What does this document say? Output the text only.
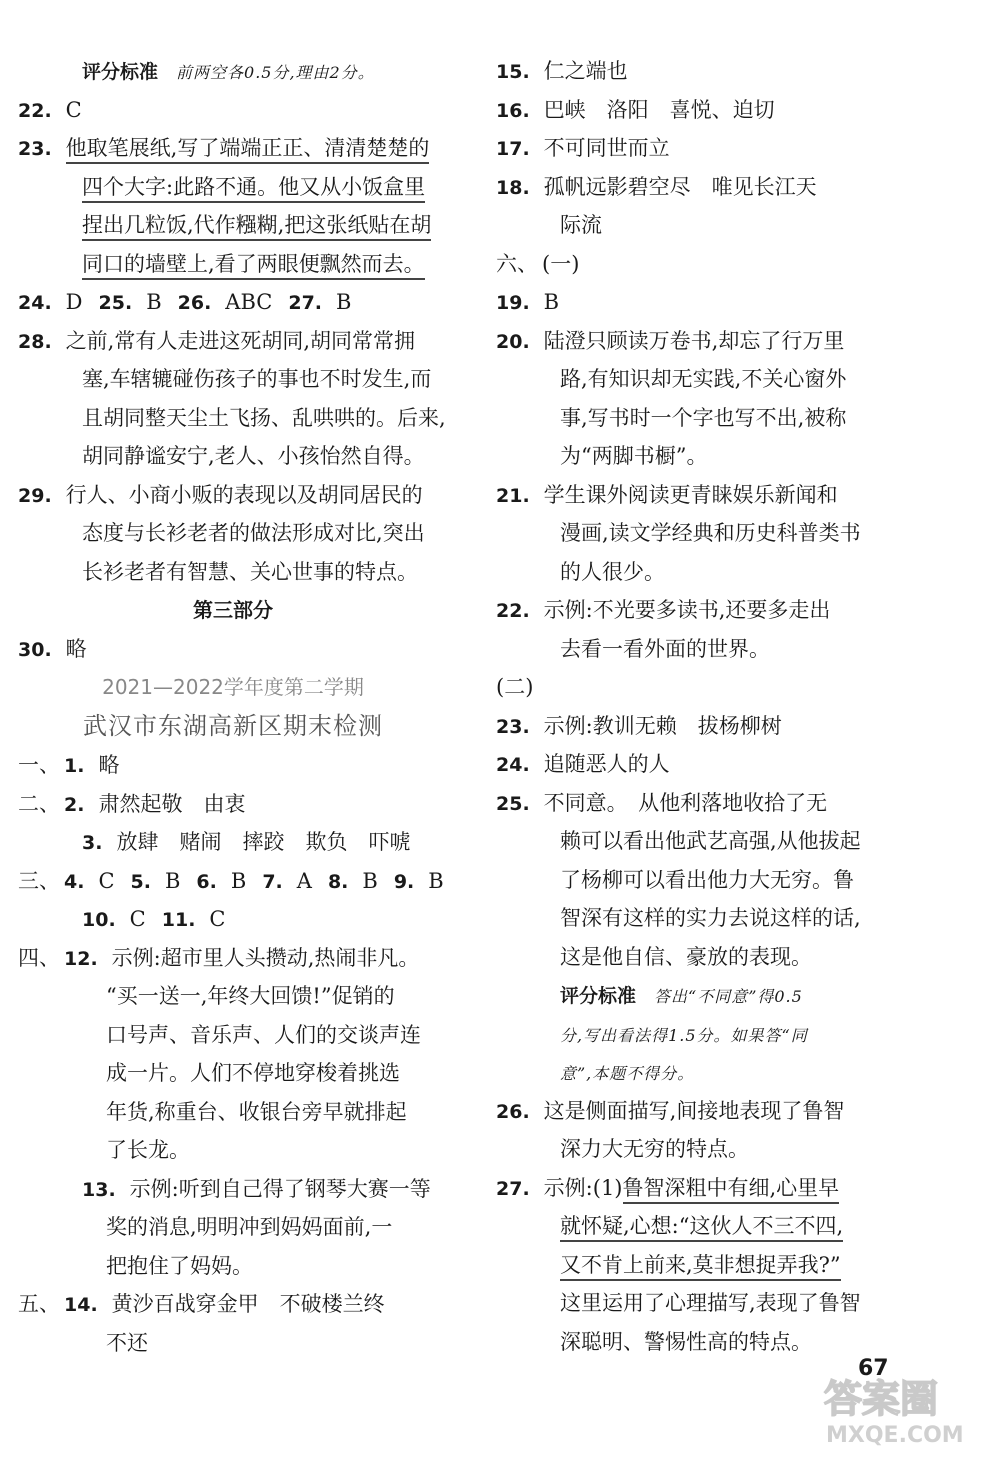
评分标准 前两空各0.5分,理由2分。
22. C
23. 他取笔展纸,写了端端正正、清清楚楚的
四个大字:此路不通。他又从小饭盒里
捏出几粒饭,代作糨糊,把这张纸贴在胡
同口的墙壁上,看了两眼便飘然而去。
24. D 25. B 26. ABC 27. B
28. 之前,常有人走进这死胡同,胡同常常拥
塞,车辖辘碰伤孩子的事也不时发生,而
且胡同整天尘土飞扬、乱哄哄的。后来,
胡同静谧安宁,老人、小孩怡然自得。
29. 行人、小商小贩的表现以及胡同居民的
态度与长衫老者的做法形成对比,突出
长衫老者有智慧、关心世事的特点。
第三部分
30. 略
2021—2022学年度第二学期
武汉市东湖高新区期末检测
一、 1. 略
二、 2. 肃然起敬　由衷
3. 放肆　赌闹　摔跤　欺负　吓唬
三、 4. C 5. B 6. B 7. A 8. B 9. B
10. C 11. C
四、 12. 示例:超市里人头攒动,热闹非凡。
“买一送一,年终大回馈!”促销的
口号声、音乐声、人们的交谈声连
成一片。人们不停地穿梭着挑选
年货,称重台、收银台旁早就排起
了长龙。
13. 示例:听到自己得了钢琴大赛一等
奖的消息,明明冲到妈妈面前,一
把抱住了妈妈。
五、 14. 黄沙百战穿金甲　不破楼兰终
不还
15. 仁之端也
16. 巴峡　洛阳　喜悦、迫切
17. 不可同世而立
18. 孤帆远影碧空尽　唯见长江天
际流
六、 (一)
19. B
20. 陆澄只顾读万卷书,却忘了行万里
路,有知识却无实践,不关心窗外
事,写书时一个字也写不出,被称
为“两脚书橱”。
21. 学生课外阅读更青睐娱乐新闻和
漫画,读文学经典和历史科普类书
的人很少。
22. 示例:不光要多读书,还要多走出
去看一看外面的世界。
(二)
23. 示例:教训无赖　拔杨柳树
24. 追随恶人的人
25. 不同意。　从他利落地收拾了无
赖可以看出他武艺高强,从他拔起
了杨柳可以看出他力大无穷。鲁
智深有这样的实力去说这样的话,
这是他自信、豪放的表现。
评分标准 答出“不同意”得0.5
分,写出看法得1.5分。如果答“同
意”,本题不得分。
26. 这是侧面描写,间接地表现了鲁智
深力大无穷的特点。
27. 示例:(1)鲁智深粗中有细,心里早
就怀疑,心想:“这伙人不三不四,
又不肯上前来,莫非想捉弄我?”
这里运用了心理描写,表现了鲁智
深聪明、警惕性高的特点。
67
答案圈
MXQE.COM
